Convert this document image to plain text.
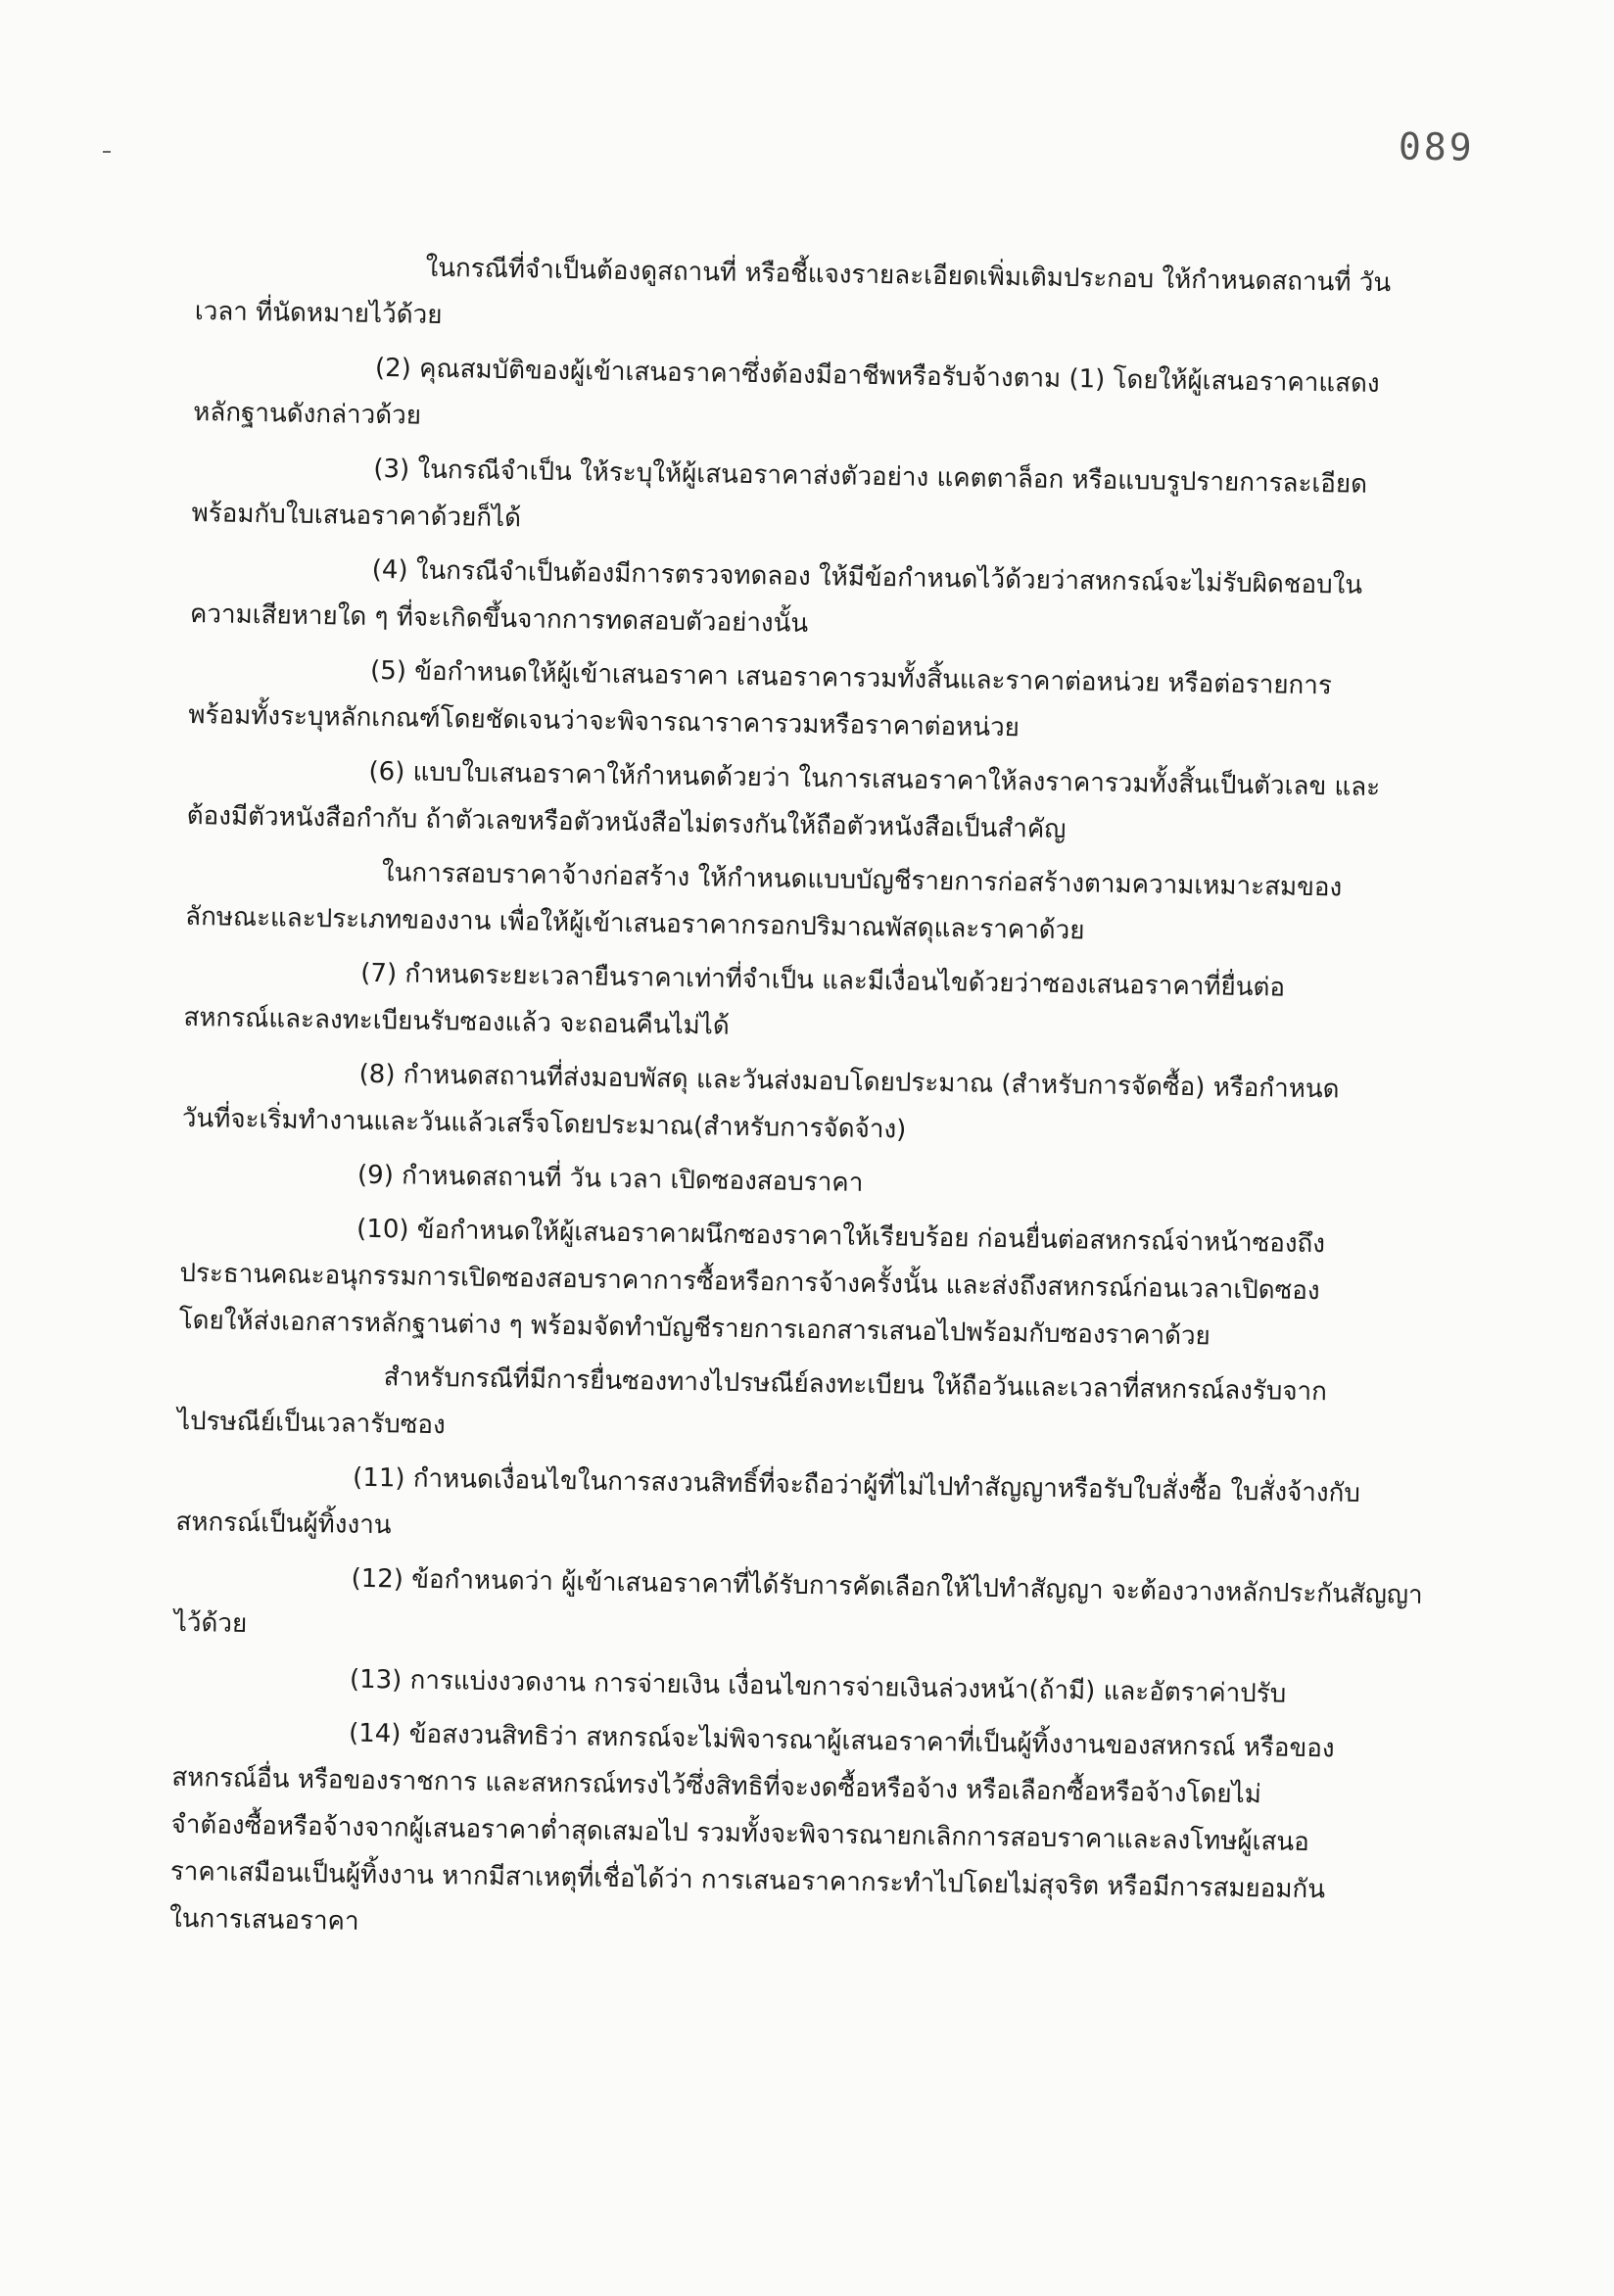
089
ในกรณีที่จำเป็นต้องดูสถานที่ หรือชี้แจงรายละเอียดเพิ่มเติมประกอบ ให้กำหนดสถานที่ วัน
เวลา ที่นัดหมายไว้ด้วย
(2) คุณสมบัติของผู้เข้าเสนอราคาซึ่งต้องมีอาชีพหรือรับจ้างตาม (1) โดยให้ผู้เสนอราคาแสดง
หลักฐานดังกล่าวด้วย
(3) ในกรณีจำเป็น ให้ระบุให้ผู้เสนอราคาส่งตัวอย่าง แคตตาล็อก หรือแบบรูปรายการละเอียด
พร้อมกับใบเสนอราคาด้วยก็ได้
(4) ในกรณีจำเป็นต้องมีการตรวจทดลอง ให้มีข้อกำหนดไว้ด้วยว่าสหกรณ์จะไม่รับผิดชอบใน
ความเสียหายใด ๆ ที่จะเกิดขึ้นจากการทดสอบตัวอย่างนั้น
(5) ข้อกำหนดให้ผู้เข้าเสนอราคา เสนอราคารวมทั้งสิ้นและราคาต่อหน่วย หรือต่อรายการ
พร้อมทั้งระบุหลักเกณฑ์โดยชัดเจนว่าจะพิจารณาราคารวมหรือราคาต่อหน่วย
(6) แบบใบเสนอราคาให้กำหนดด้วยว่า ในการเสนอราคาให้ลงราคารวมทั้งสิ้นเป็นตัวเลข และ
ต้องมีตัวหนังสือกำกับ ถ้าตัวเลขหรือตัวหนังสือไม่ตรงกันให้ถือตัวหนังสือเป็นสำคัญ
ในการสอบราคาจ้างก่อสร้าง ให้กำหนดแบบบัญชีรายการก่อสร้างตามความเหมาะสมของ
ลักษณะและประเภทของงาน เพื่อให้ผู้เข้าเสนอราคากรอกปริมาณพัสดุและราคาด้วย
(7) กำหนดระยะเวลายืนราคาเท่าที่จำเป็น และมีเงื่อนไขด้วยว่าซองเสนอราคาที่ยื่นต่อ
สหกรณ์และลงทะเบียนรับซองแล้ว จะถอนคืนไม่ได้
(8) กำหนดสถานที่ส่งมอบพัสดุ และวันส่งมอบโดยประมาณ (สำหรับการจัดซื้อ) หรือกำหนด
วันที่จะเริ่มทำงานและวันแล้วเสร็จโดยประมาณ(สำหรับการจัดจ้าง)
(9) กำหนดสถานที่ วัน เวลา เปิดซองสอบราคา
(10) ข้อกำหนดให้ผู้เสนอราคาผนึกซองราคาให้เรียบร้อย ก่อนยื่นต่อสหกรณ์จ่าหน้าซองถึง
ประธานคณะอนุกรรมการเปิดซองสอบราคาการซื้อหรือการจ้างครั้งนั้น และส่งถึงสหกรณ์ก่อนเวลาเปิดซอง
โดยให้ส่งเอกสารหลักฐานต่าง ๆ พร้อมจัดทำบัญชีรายการเอกสารเสนอไปพร้อมกับซองราคาด้วย
สำหรับกรณีที่มีการยื่นซองทางไปรษณีย์ลงทะเบียน ให้ถือวันและเวลาที่สหกรณ์ลงรับจาก
ไปรษณีย์เป็นเวลารับซอง
(11) กำหนดเงื่อนไขในการสงวนสิทธิ์ที่จะถือว่าผู้ที่ไม่ไปทำสัญญาหรือรับใบสั่งซื้อ ใบสั่งจ้างกับ
สหกรณ์เป็นผู้ทิ้งงาน
(12) ข้อกำหนดว่า ผู้เข้าเสนอราคาที่ได้รับการคัดเลือกให้ไปทำสัญญา จะต้องวางหลักประกันสัญญา
ไว้ด้วย
(13) การแบ่งงวดงาน การจ่ายเงิน เงื่อนไขการจ่ายเงินล่วงหน้า(ถ้ามี) และอัตราค่าปรับ
(14) ข้อสงวนสิทธิว่า สหกรณ์จะไม่พิจารณาผู้เสนอราคาที่เป็นผู้ทิ้งงานของสหกรณ์ หรือของ
สหกรณ์อื่น หรือของราชการ และสหกรณ์ทรงไว้ซึ่งสิทธิที่จะงดซื้อหรือจ้าง หรือเลือกซื้อหรือจ้างโดยไม่
จำต้องซื้อหรือจ้างจากผู้เสนอราคาต่ำสุดเสมอไป รวมทั้งจะพิจารณายกเลิกการสอบราคาและลงโทษผู้เสนอ
ราคาเสมือนเป็นผู้ทิ้งงาน หากมีสาเหตุที่เชื่อได้ว่า การเสนอราคากระทำไปโดยไม่สุจริต หรือมีการสมยอมกัน
ในการเสนอราคา
